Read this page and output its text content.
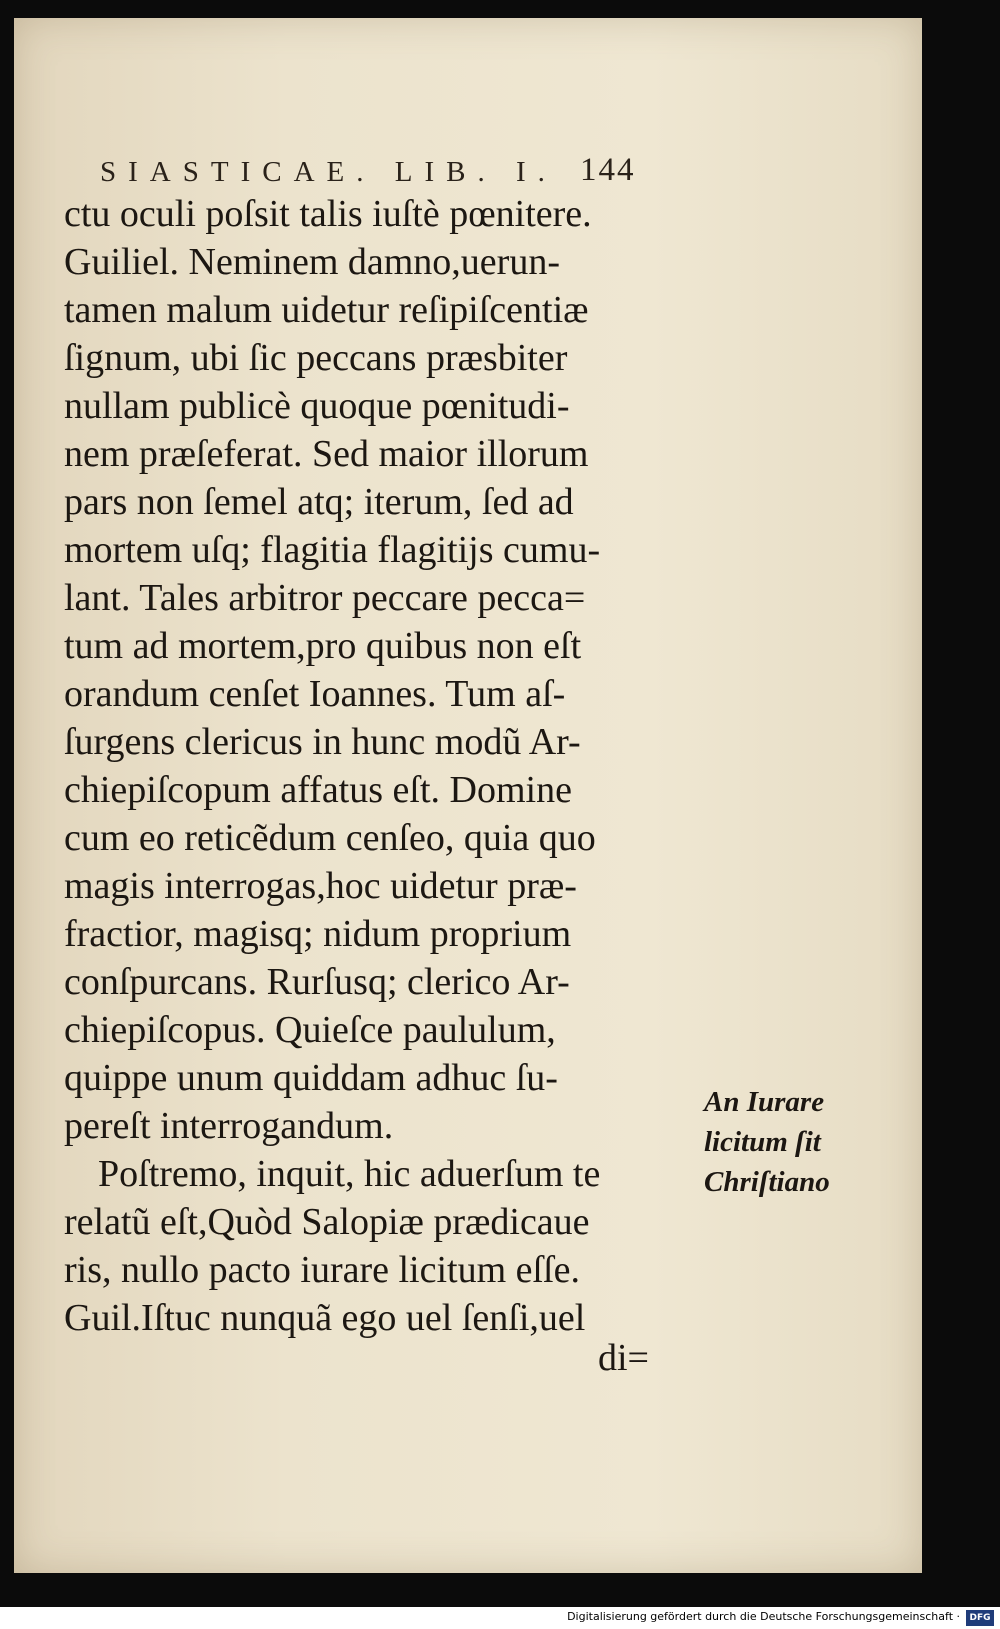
SIASTICAE. LIB. I. 144
ctu oculi poſsit talis iuſtè pœnitere.
Guiliel. Neminem damno,uerun-
tamen malum uidetur reſipiſcentiæ
ſignum, ubi ſic peccans præsbiter
nullam publicè quoque pœnitudi-
nem præſeferat. Sed maior illorum
pars non ſemel atq; iterum, ſed ad
mortem uſq; flagitia flagitijs cumu-
lant. Tales arbitror peccare pecca=
tum ad mortem,pro quibus non eſt
orandum cenſet Ioannes. Tum aſ-
ſurgens clericus in hunc modũ Ar-
chiepiſcopum affatus eſt. Domine
cum eo reticẽdum cenſeo, quia quo
magis interrogas,hoc uidetur præ-
fractior, magisq; nidum proprium
conſpurcans. Rurſusq; clerico Ar-
chiepiſcopus. Quieſce paululum,
quippe unum quiddam adhuc ſu-
pereſt interrogandum.
Poſtremo, inquit, hic aduerſum te
relatũ eſt,Quòd Salopiæ prædicaue
ris, nullo pacto iurare licitum eſſe.
Guil.Iſtuc nunquã ego uel ſenſi,uel
di=
An Iurare
licitum ſit
Chriſtiano
Digitalisierung gefördert durch die Deutsche Forschungsgemeinschaft ·	DFG
